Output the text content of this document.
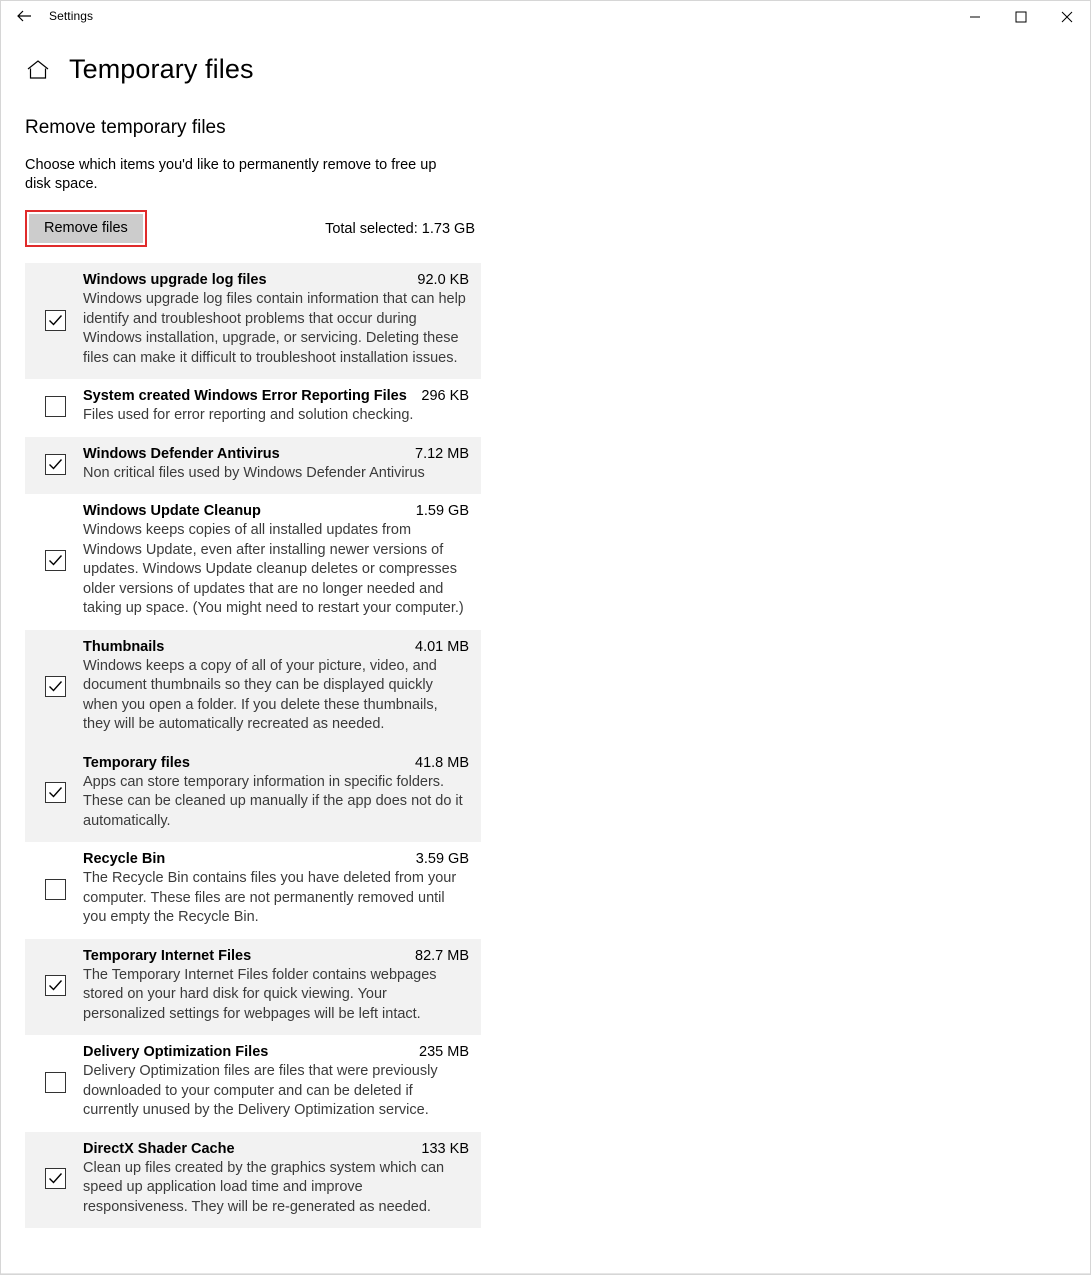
Settings
Temporary files
Remove temporary files
Choose which items you'd like to permanently remove to free up disk space.
Remove files	Total selected: 1.73 GB
Windows upgrade log files	92.0 KB
Windows upgrade log files contain information that can help identify and troubleshoot problems that occur during Windows installation, upgrade, or servicing. Deleting these files can make it difficult to troubleshoot installation issues.
System created Windows Error Reporting Files	296 KB
Files used for error reporting and solution checking.
Windows Defender Antivirus	7.12 MB
Non critical files used by Windows Defender Antivirus
Windows Update Cleanup	1.59 GB
Windows keeps copies of all installed updates from Windows Update, even after installing newer versions of updates. Windows Update cleanup deletes or compresses older versions of updates that are no longer needed and taking up space. (You might need to restart your computer.)
Thumbnails	4.01 MB
Windows keeps a copy of all of your picture, video, and document thumbnails so they can be displayed quickly when you open a folder. If you delete these thumbnails, they will be automatically recreated as needed.
Temporary files	41.8 MB
Apps can store temporary information in specific folders. These can be cleaned up manually if the app does not do it automatically.
Recycle Bin	3.59 GB
The Recycle Bin contains files you have deleted from your computer. These files are not permanently removed until you empty the Recycle Bin.
Temporary Internet Files	82.7 MB
The Temporary Internet Files folder contains webpages stored on your hard disk for quick viewing. Your personalized settings for webpages will be left intact.
Delivery Optimization Files	235 MB
Delivery Optimization files are files that were previously downloaded to your computer and can be deleted if currently unused by the Delivery Optimization service.
DirectX Shader Cache	133 KB
Clean up files created by the graphics system which can speed up application load time and improve responsiveness. They will be re-generated as needed.
